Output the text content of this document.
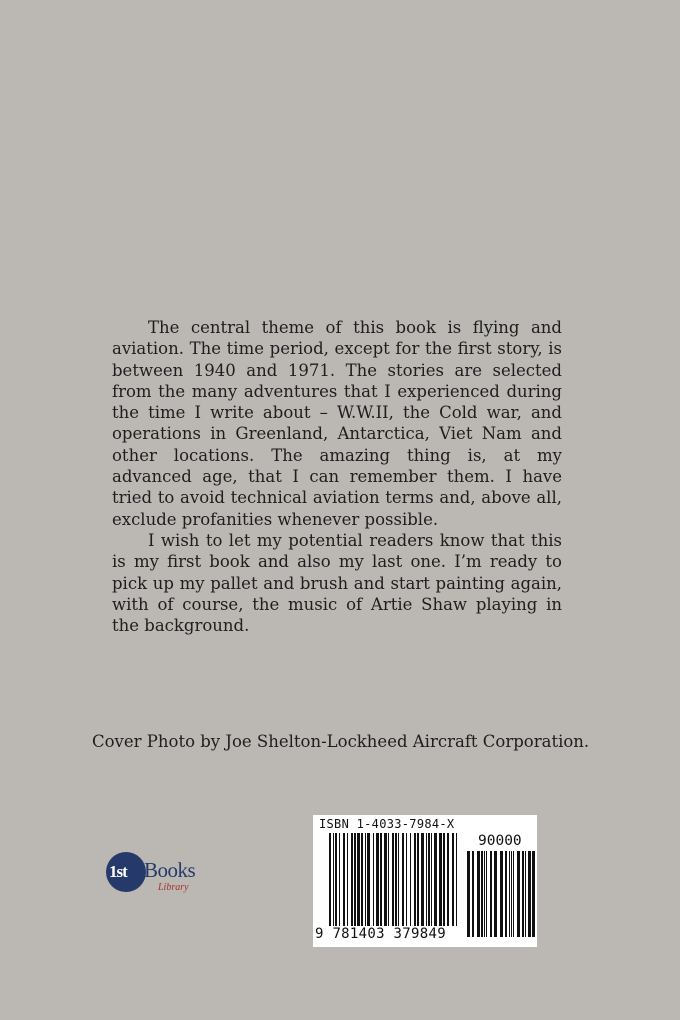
The central theme of this book is flying and aviation. The time period, except for the first story, is between 1940 and 1971. The stories are selected from the many adventures that I experienced during the time I write about – W.W.II, the Cold war, and operations in Greenland, Antarctica, Viet Nam and other locations. The amazing thing is, at my advanced age, that I can remember them. I have tried to avoid technical aviation terms and, above all, exclude profanities whenever possible.

I wish to let my potential readers know that this is my first book and also my last one. I’m ready to pick up my pallet and brush and start painting again, with of course, the music of Artie Shaw playing in the background.

Cover Photo by Joe Shelton-Lockheed Aircraft Corporation.
1st Books
Library
ISBN 1-4033-7984-X
90000
9 781403 379849
